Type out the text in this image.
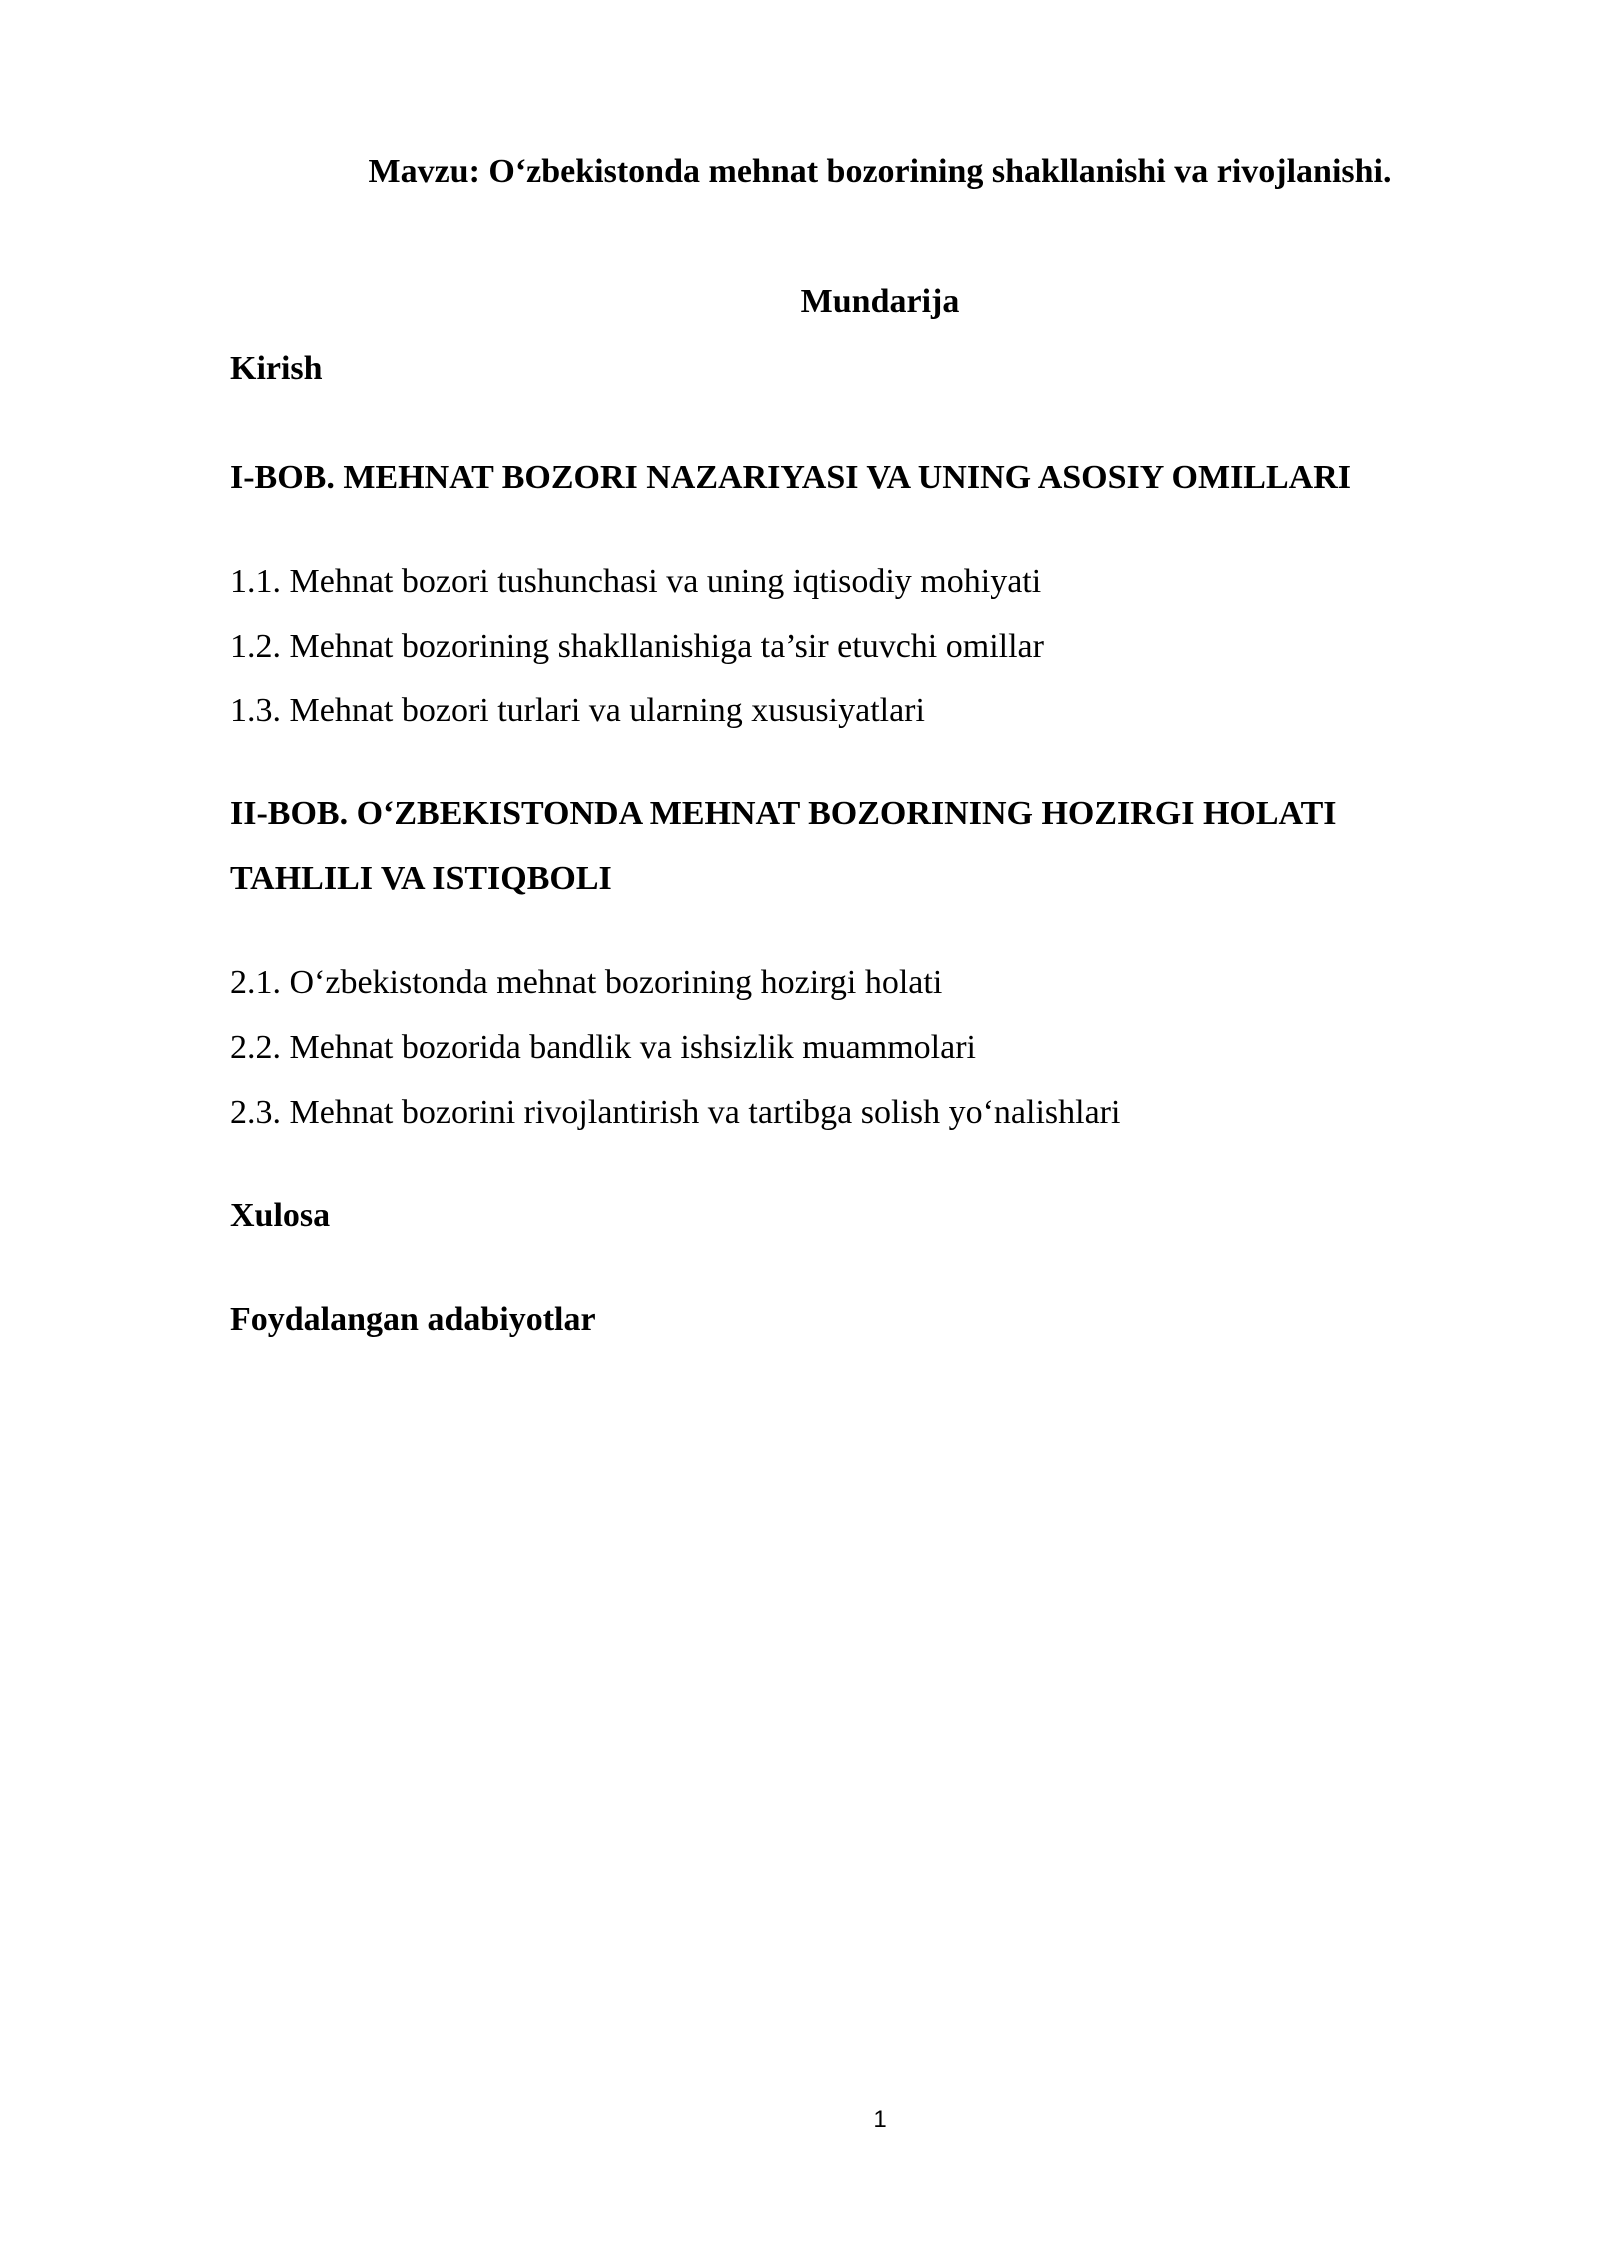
Mavzu: O‘zbekistonda mehnat bozorining shakllanishi va rivojlanishi.
Mundarija
Kirish
I-BOB. MEHNAT BOZORI NAZARIYASI VA UNING ASOSIY OMILLARI
1.1. Mehnat bozori tushunchasi va uning iqtisodiy mohiyati
1.2. Mehnat bozorining shakllanishiga ta’sir etuvchi omillar
1.3. Mehnat bozori turlari va ularning xususiyatlari
II-BOB. O‘ZBEKISTONDA MEHNAT BOZORINING HOZIRGI HOLATI
TAHLILI VA ISTIQBOLI
2.1. O‘zbekistonda mehnat bozorining hozirgi holati
2.2. Mehnat bozorida bandlik va ishsizlik muammolari
2.3. Mehnat bozorini rivojlantirish va tartibga solish yo‘nalishlari
Xulosa
Foydalangan adabiyotlar
1
